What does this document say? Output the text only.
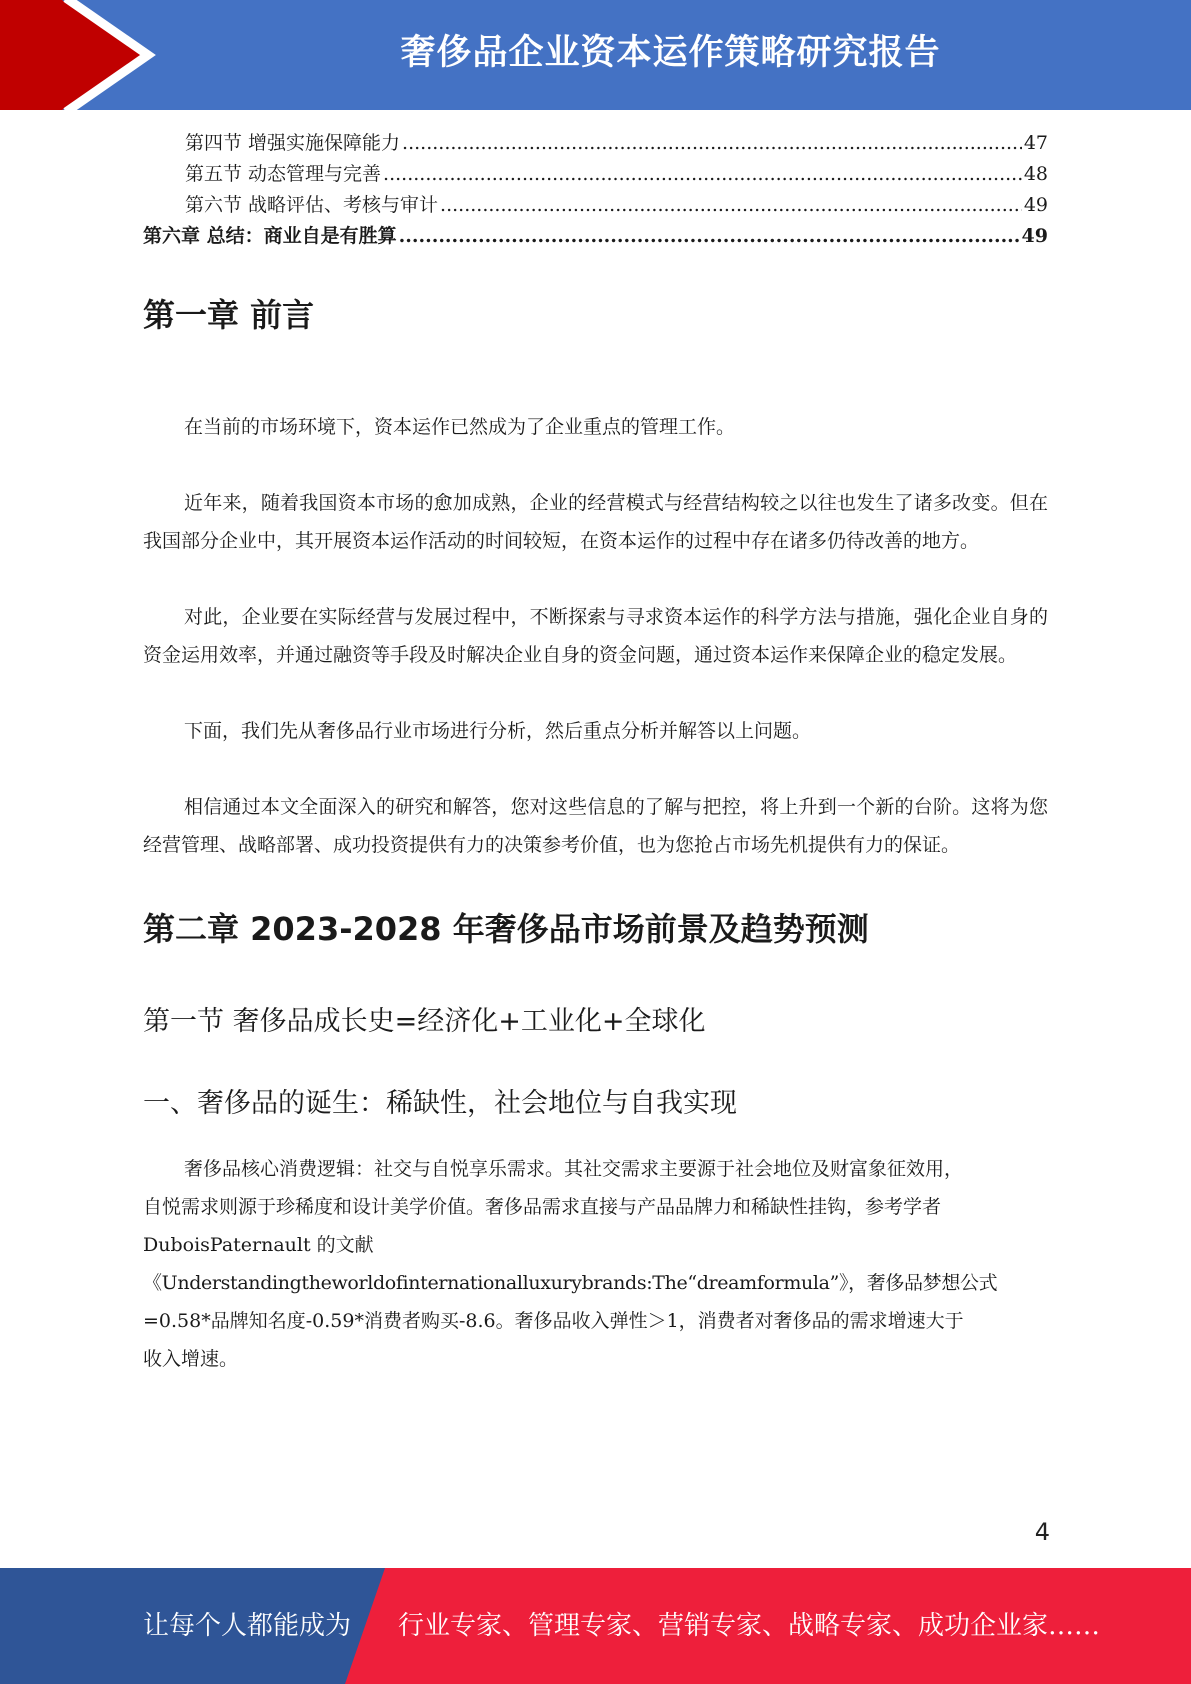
奢侈品企业资本运作策略研究报告
第四节 增强实施保障能力 .....	47
第五节 动态管理与完善 .....	48
第六节 战略评估、考核与审计 .....	49
第六章 总结：商业自是有胜算 .....	49
第一章 前言

在当前的市场环境下，资本运作已然成为了企业重点的管理工作。

近年来，随着我国资本市场的愈加成熟，企业的经营模式与经营结构较之以往也发生了诸多改变。但在我国部分企业中，其开展资本运作活动的时间较短，在资本运作的过程中存在诸多仍待改善的地方。

对此，企业要在实际经营与发展过程中，不断探索与寻求资本运作的科学方法与措施，强化企业自身的资金运用效率，并通过融资等手段及时解决企业自身的资金问题，通过资本运作来保障企业的稳定发展。

下面，我们先从奢侈品行业市场进行分析，然后重点分析并解答以上问题。

相信通过本文全面深入的研究和解答，您对这些信息的了解与把控，将上升到一个新的台阶。这将为您经营管理、战略部署、成功投资提供有力的决策参考价值，也为您抢占市场先机提供有力的保证。

第二章 2023-2028 年奢侈品市场前景及趋势预测
第一节 奢侈品成长史=经济化+工业化+全球化
一、奢侈品的诞生：稀缺性，社会地位与自我实现
奢侈品核心消费逻辑：社交与自悦享乐需求。其社交需求主要源于社会地位及财富象征效用，
自悦需求则源于珍稀度和设计美学价值。奢侈品需求直接与产品品牌力和稀缺性挂钩，参考学者
DuboisPaternault 的文献
《Understandingtheworldofinternationalluxurybrands:The“dreamformula”》，奢侈品梦想公式
=0.58*品牌知名度-0.59*消费者购买-8.6。奢侈品收入弹性＞1，消费者对奢侈品的需求增速大于
收入增速。
4
让每个人都能成为 行业专家、管理专家、营销专家、战略专家、成功企业家……
